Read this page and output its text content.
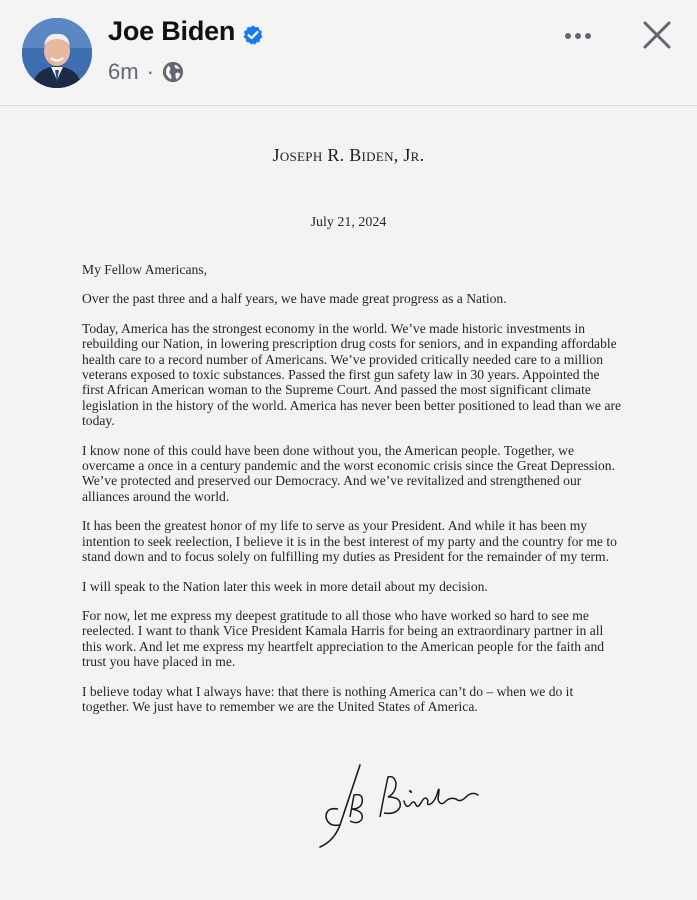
Joe Biden
6m ·
Joseph R. Biden, Jr.
July 21, 2024

My Fellow Americans,

Over the past three and a half years, we have made great progress as a Nation.

Today, America has the strongest economy in the world. We’ve made historic investments in rebuilding our Nation, in lowering prescription drug costs for seniors, and in expanding affordable health care to a record number of Americans. We’ve provided critically needed care to a million veterans exposed to toxic substances. Passed the first gun safety law in 30 years. Appointed the first African American woman to the Supreme Court. And passed the most significant climate legislation in the history of the world. America has never been better positioned to lead than we are today.

I know none of this could have been done without you, the American people. Together, we overcame a once in a century pandemic and the worst economic crisis since the Great Depression. We’ve protected and preserved our Democracy. And we’ve revitalized and strengthened our alliances around the world.

It has been the greatest honor of my life to serve as your President. And while it has been my intention to seek reelection, I believe it is in the best interest of my party and the country for me to stand down and to focus solely on fulfilling my duties as President for the remainder of my term.

I will speak to the Nation later this week in more detail about my decision.

For now, let me express my deepest gratitude to all those who have worked so hard to see me reelected. I want to thank Vice President Kamala Harris for being an extraordinary partner in all this work. And let me express my heartfelt appreciation to the American people for the faith and trust you have placed in me.

I believe today what I always have: that there is nothing America can’t do – when we do it together. We just have to remember we are the United States of America.
